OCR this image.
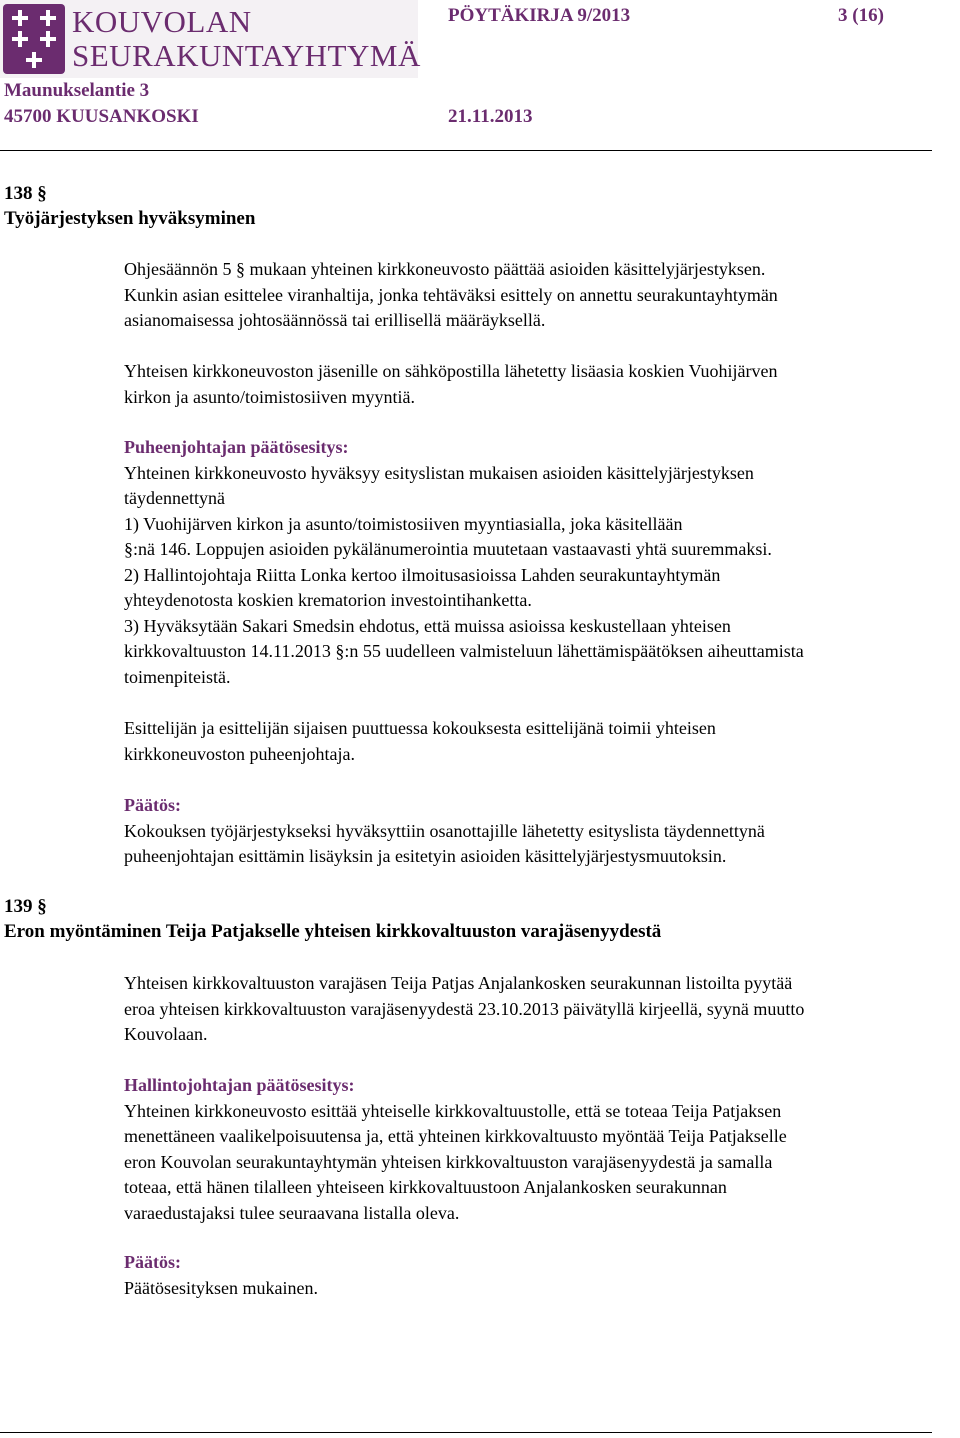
KOUVOLAN
SEURAKUNTAYHTYMÄ
PÖYTÄKIRJA 9/2013	3 (16)
Maunukselantie 3
45700 KUUSANKOSKI	21.11.2013
138 §
Työjärjestyksen hyväksyminen
Ohjesäännön 5 § mukaan yhteinen kirkkoneuvosto päättää asioiden käsittelyjärjestyksen.
Kunkin asian esittelee viranhaltija, jonka tehtäväksi esittely on annettu seurakuntayhtymän
asianomaisessa johtosäännössä tai erillisellä määräyksellä.
Yhteisen kirkkoneuvoston jäsenille on sähköpostilla lähetetty lisäasia koskien Vuohijärven
kirkon ja asunto/toimistosiiven myyntiä.
Puheenjohtajan päätösesitys:
Yhteinen kirkkoneuvosto hyväksyy esityslistan mukaisen asioiden käsittelyjärjestyksen
täydennettynä
1) Vuohijärven kirkon ja asunto/toimistosiiven myyntiasialla, joka käsitellään
§:nä 146. Loppujen asioiden pykälänumerointia muutetaan vastaavasti yhtä suuremmaksi.
2) Hallintojohtaja Riitta Lonka kertoo ilmoitusasioissa Lahden seurakuntayhtymän
yhteydenotosta koskien krematorion investointihanketta.
3) Hyväksytään Sakari Smedsin ehdotus, että muissa asioissa keskustellaan yhteisen
kirkkovaltuuston 14.11.2013 §:n 55 uudelleen valmisteluun lähettämispäätöksen aiheuttamista
toimenpiteistä.
Esittelijän ja esittelijän sijaisen puuttuessa kokouksesta esittelijänä toimii yhteisen
kirkkoneuvoston puheenjohtaja.
Päätös:
Kokouksen työjärjestykseksi hyväksyttiin osanottajille lähetetty esityslista täydennettynä
puheenjohtajan esittämin lisäyksin ja esitetyin asioiden käsittelyjärjestysmuutoksin.
139 §
Eron myöntäminen Teija Patjakselle yhteisen kirkkovaltuuston varajäsenyydestä
Yhteisen kirkkovaltuuston varajäsen Teija Patjas Anjalankosken seurakunnan listoilta pyytää
eroa yhteisen kirkkovaltuuston varajäsenyydestä 23.10.2013 päivätyllä kirjeellä, syynä muutto
Kouvolaan.
Hallintojohtajan päätösesitys:
Yhteinen kirkkoneuvosto esittää yhteiselle kirkkovaltuustolle, että se toteaa Teija Patjaksen
menettäneen vaalikelpoisuutensa ja, että yhteinen kirkkovaltuusto myöntää Teija Patjakselle
eron Kouvolan seurakuntayhtymän yhteisen kirkkovaltuuston varajäsenyydestä ja samalla
toteaa, että hänen tilalleen yhteiseen kirkkovaltuustoon Anjalankosken seurakunnan
varaedustajaksi tulee seuraavana listalla oleva.
Päätös:
Päätösesityksen mukainen.
